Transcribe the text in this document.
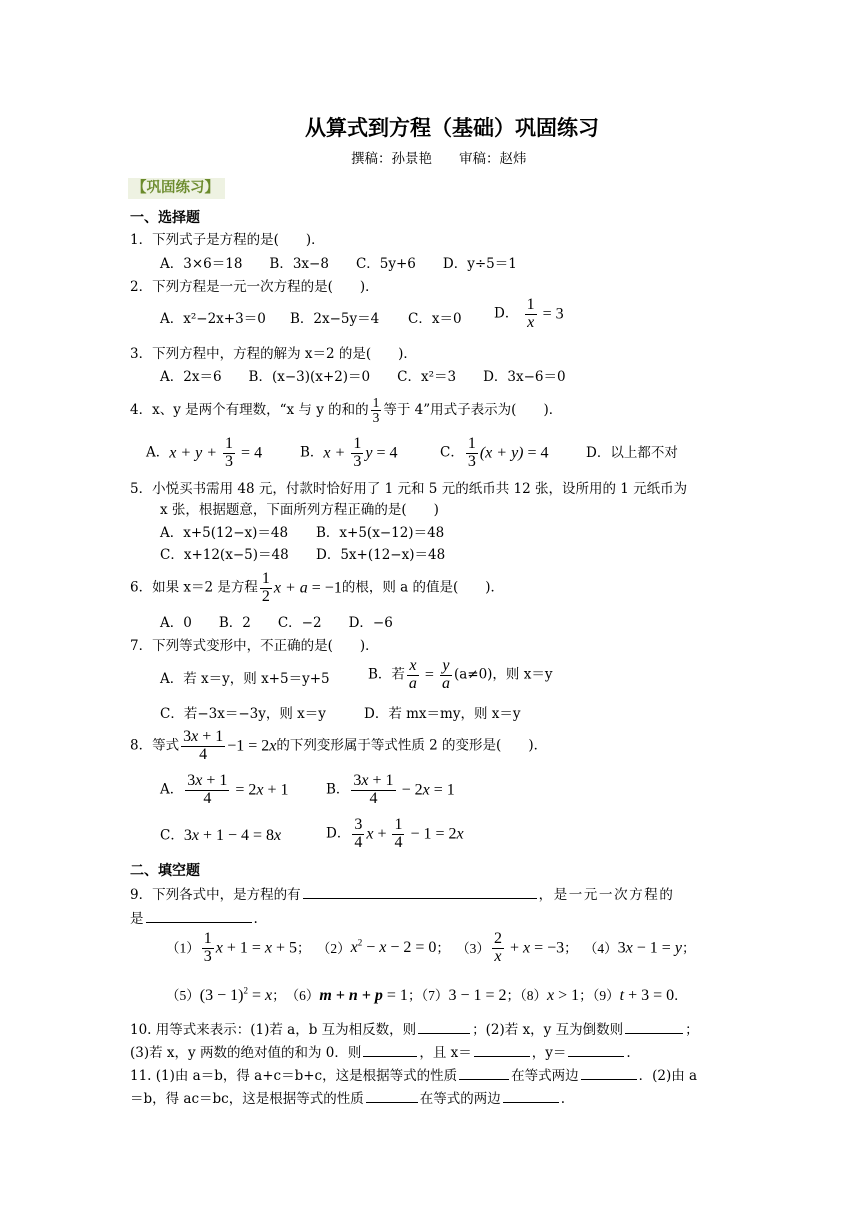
从算式到方程（基础）巩固练习
撰稿：孙景艳　　审稿：赵炜
【巩固练习】
一、选择题
1．下列式子是方程的是(　　)．
A．3×6＝18　　B．3x−8　　C．5y+6　　D．y÷5＝1
2．下列方程是一元一次方程的是(　　)．
A．x²−2x+3＝0 B．2x−5y＝4 C．x＝0 D． $\frac{1}{x} = 3$
3．下列方程中，方程的解为 x＝2 的是(　　)．
A．2x＝6　　B．(x−3)(x+2)＝0　　C．x²＝3　　D．3x−6＝0
4．x、y 是两个有理数，“x 与 y 的和的 $\frac{1}{3}$ 等于 4”用式子表示为(　　)．
A．$x + y + \frac{1}{3} = 4$	B．$x + \frac{1}{3}$ y = 4	C． $\frac{1}{3} (x + y) = 4$	D．以上都不对
5．小悦买书需用 48 元，付款时恰好用了 1 元和 5 元的纸币共 12 张，设所用的 1 元纸币为
x 张，根据题意，下面所列方程正确的是(　　)
A．x+5(12−x)＝48 B．x+5(x−12)＝48
C．x+12(x−5)＝48 D．5x+(12−x)＝48
6．如果 x＝2 是方程 $\frac{1}{2}$ x + a = −1的根，则 a 的值是(　　)．
A．0　　B．2　　C．−2　　D．−6
7．下列等式变形中，不正确的是(　　)．
A．若 x＝y，则 x+5＝y+5	B．若 $\frac{x}{a} = \frac{y}{a} (a\ne 0)$，则 x＝y
C．若−3x＝−3y，则 x＝y	D．若 mx＝my，则 x＝y
8．等式 $\frac{3x + 1}{4} -1 = 2x$的下列变形属于等式性质 2 的变形是(　　)．
A． $\frac{3x + 1}{4} = 2x + 1$	B． $\frac{3x + 1}{4} - 2x = 1$
C．3x + 1 − 4 = 8x	D． $\frac{3}{4}$ $x + \frac{1}{4} - 1 = 2x$
二、填空题
9．下列各式中，是方程的有	，是一元一次方程的
是	.
$(1) \frac{1}{3}$ x + 1 = x + 5； $(2)x^2 - x - 2 = 0$； $(3) \frac{2}{x} + x = -3$； （4）3x − 1 = y；
$(5)(3 - 1)^2 = x$；　（6）m + n + p = 1；（7）3 − 1 = 2；（8）x > 1；（9）t + 3 = 0．
10. 用等式来表示：(1)若 a，b 互为相反数，则	；(2)若 x，y 互为倒数则	；
(3)若 x，y 两数的绝对值的和为 0．则	，且 x＝	，y＝	.
11. (1)由 a＝b，得 a+c＝b+c，这是根据等式的性质	在等式两边	．(2)由 a
＝b，得 ac＝bc，这是根据等式的性质	在等式的两边	.
